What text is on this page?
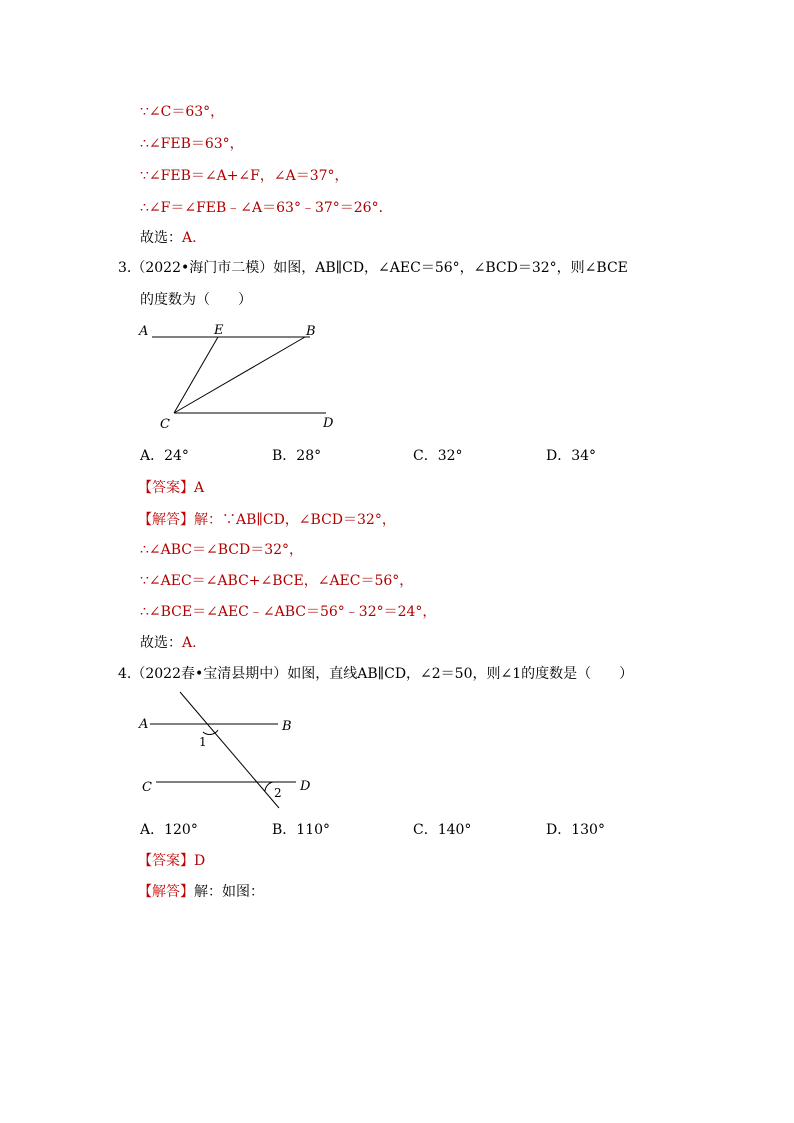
∵∠C＝63°，
∴∠FEB＝63°，
∵∠FEB＝∠A+∠F，∠A＝37°，
∴∠F＝∠FEB﹣∠A＝63°﹣37°＝26°．
故选：A.
3.（2022•海门市二模）如图，AB∥CD，∠AEC＝56°，∠BCD＝32°，则∠BCE
的度数为（　　）
A	E	B
C	D
A．24°	B．28°	C．32°	D．34°
【答案】A
【解答】解：∵AB∥CD，∠BCD＝32°，
∴∠ABC＝∠BCD＝32°，
∵∠AEC＝∠ABC+∠BCE，∠AEC＝56°，
∴∠BCE＝∠AEC﹣∠ABC＝56°﹣32°＝24°，
故选：A.
4.（2022春•宝清县期中）如图，直线AB∥CD，∠2＝50，则∠1的度数是（　　）
A	B
C	D
1
2
A．120°	B．110°	C．140°	D．130°
【答案】D
【解答】解：如图：
